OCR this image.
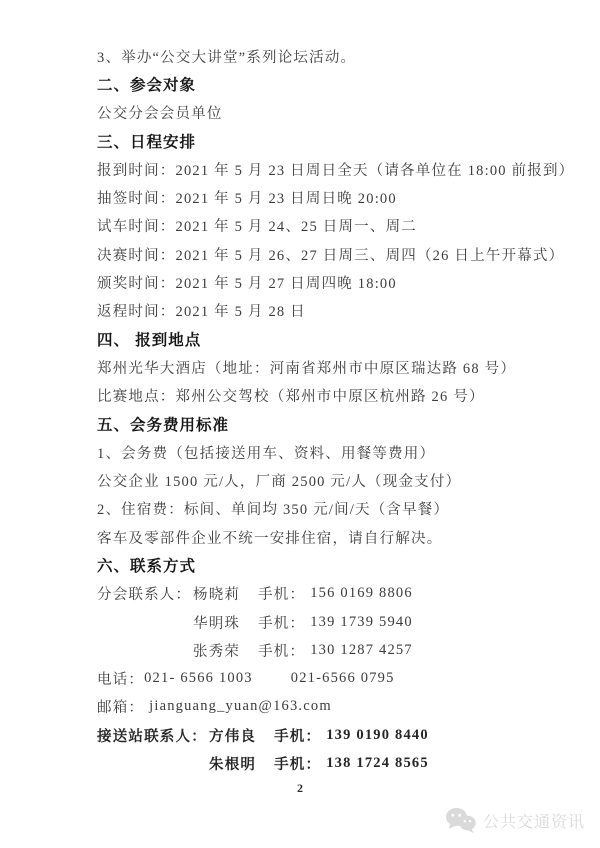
3、举办“公交大讲堂”系列论坛活动。
二、参会对象
公交分会会员单位
三、日程安排
报到时间：2021 年 5 月 23 日周日全天（请各单位在 18:00 前报到）
抽签时间：2021 年 5 月 23 日周日晚 20:00
试车时间：2021 年 5 月 24、25 日周一、周二
决赛时间：2021 年 5 月 26、27 日周三、周四（26 日上午开幕式）
颁奖时间：2021 年 5 月 27 日周四晚 18:00
返程时间：2021 年 5 月 28 日
四、 报到地点
郑州光华大酒店（地址：河南省郑州市中原区瑞达路 68 号）
比赛地点：郑州公交驾校（郑州市中原区杭州路 26 号）
五、会务费用标准
1、会务费（包括接送用车、资料、用餐等费用）
公交企业 1500 元/人，厂商 2500 元/人（现金支付）
2、住宿费：标间、单间均 350 元/间/天（含早餐）
客车及零部件企业不统一安排住宿，请自行解决。
六、联系方式
分会联系人： 杨晓莉 手机： 156 0169 8806
华明珠 手机： 139 1739 5940
张秀荣 手机： 130 1287 4257
电话： 021- 6566 1003	021-6566 0795
邮箱： jianguang_yuan@163.com
接送站联系人： 方伟良 手机： 139 0190 8440
朱根明 手机： 138 1724 8565
2
公共交通资讯
